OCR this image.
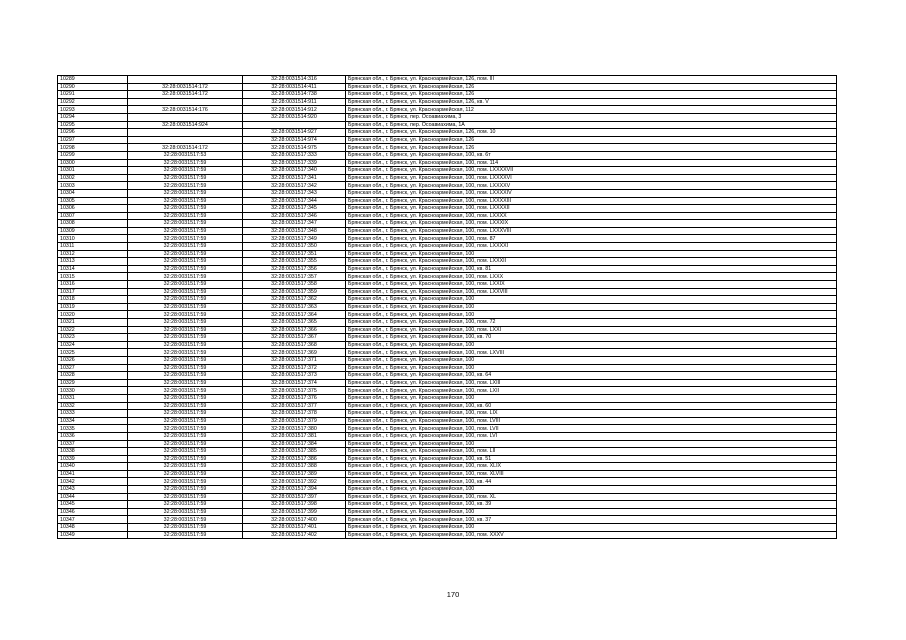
10289		32:28:0031514:316	Брянская обл., г. Брянск, ул. Красноармейская, 126, пом. III
10290	32:28:0031514:172	32:28:0031514:411	Брянская обл., г. Брянск, ул. Красноармейская, 126
10291	32:28:0031514:172	32:28:0031514:738	Брянская обл., г. Брянск, ул. Красноармейская, 126
10292		32:28:0031514:911	Брянская обл., г. Брянск, ул. Красноармейская, 126, кв. V
10293	32:28:0031514:176	32:28:0031514:912	Брянская обл., г. Брянск, ул. Красноармейская, 112
10294		32:28:0031514:920	Брянская обл., г. Брянск, пер. Осоавиахима, 3
10295	32:28:0031514:924		Брянская обл., г. Брянск, пер. Осоавиахима, 1А
10296		32:28:0031514:927	Брянская обл., г. Брянск, ул. Красноармейская, 126, пом. 10
10297		32:28:0031514:974	Брянская обл., г. Брянск, ул. Красноармейская, 126
10298	32:28:0031514:172	32:28:0031514:975	Брянская обл., г. Брянск, ул. Красноармейская, 126
10299	32:28:0031517:53	32:28:0031517:333	Брянская обл., г. Брянск, ул. Красноармейская, 100, кв. 6т
10300	32:28:0031517:59	32:28:0031517:339	Брянская обл., г. Брянск, ул. Красноармейская, 100, пом. 114
10301	32:28:0031517:59	32:28:0031517:340	Брянская обл., г. Брянск, ул. Красноармейская, 100, пом. LXXXXVII
10302	32:28:0031517:59	32:28:0031517:341	Брянская обл., г. Брянск, ул. Красноармейская, 100, пом. LXXXXVI
10303	32:28:0031517:59	32:28:0031517:342	Брянская обл., г. Брянск, ул. Красноармейская, 100, пом. LXXXXV
10304	32:28:0031517:59	32:28:0031517:343	Брянская обл., г. Брянск, ул. Красноармейская, 100, пом. LXXXXIV
10305	32:28:0031517:59	32:28:0031517:344	Брянская обл., г. Брянск, ул. Красноармейская, 100, пом. LXXXXIII
10306	32:28:0031517:59	32:28:0031517:345	Брянская обл., г. Брянск, ул. Красноармейская, 100, пом. LXXXXII
10307	32:28:0031517:59	32:28:0031517:346	Брянская обл., г. Брянск, ул. Красноармейская, 100, пом. LXXXX
10308	32:28:0031517:59	32:28:0031517:347	Брянская обл., г. Брянск, ул. Красноармейская, 100, пом. LXXXIX
10309	32:28:0031517:59	32:28:0031517:348	Брянская обл., г. Брянск, ул. Красноармейская, 100, пом. LXXXVIII
10310	32:28:0031517:59	32:28:0031517:349	Брянская обл., г. Брянск, ул. Красноармейская, 100, пом. 87
10311	32:28:0031517:59	32:28:0031517:350	Брянская обл., г. Брянск, ул. Красноармейская, 100, пом. LXXXXI
10312	32:28:0031517:59	32:28:0031517:351	Брянская обл., г. Брянск, ул. Красноармейская, 100
10313	32:28:0031517:59	32:28:0031517:355	Брянская обл., г. Брянск, ул. Красноармейская, 100, пом. LXXXII
10314	32:28:0031517:59	32:28:0031517:356	Брянская обл., г. Брянск, ул. Красноармейская, 100, кв. 81
10315	32:28:0031517:59	32:28:0031517:357	Брянская обл., г. Брянск, ул. Красноармейская, 100, пом. LXXX
10316	32:28:0031517:59	32:28:0031517:358	Брянская обл., г. Брянск, ул. Красноармейская, 100, пом. LXXIX
10317	32:28:0031517:59	32:28:0031517:359	Брянская обл., г. Брянск, ул. Красноармейская, 100, пом. LXXVIII
10318	32:28:0031517:59	32:28:0031517:362	Брянская обл., г. Брянск, ул. Красноармейская, 100
10319	32:28:0031517:59	32:28:0031517:363	Брянская обл., г. Брянск, ул. Красноармейская, 100
10320	32:28:0031517:59	32:28:0031517:364	Брянская обл., г. Брянск, ул. Красноармейская, 100
10321	32:28:0031517:59	32:28:0031517:365	Брянская обл., г. Брянск, ул. Красноармейская, 100, пом. 72
10322	32:28:0031517:59	32:28:0031517:366	Брянская обл., г. Брянск, ул. Красноармейская, 100, пом. LXXI
10323	32:28:0031517:59	32:28:0031517:367	Брянская обл., г. Брянск, ул. Красноармейская, 100, кв. 70
10324	32:28:0031517:59	32:28:0031517:368	Брянская обл., г. Брянск, ул. Красноармейская, 100
10325	32:28:0031517:59	32:28:0031517:369	Брянская обл., г. Брянск, ул. Красноармейская, 100, пом. LXVIII
10326	32:28:0031517:59	32:28:0031517:371	Брянская обл., г. Брянск, ул. Красноармейская, 100
10327	32:28:0031517:59	32:28:0031517:372	Брянская обл., г. Брянск, ул. Красноармейская, 100
10328	32:28:0031517:59	32:28:0031517:373	Брянская обл., г. Брянск, ул. Красноармейская, 100, кв. 64
10329	32:28:0031517:59	32:28:0031517:374	Брянская обл., г. Брянск, ул. Красноармейская, 100, пом. LXIII
10330	32:28:0031517:59	32:28:0031517:375	Брянская обл., г. Брянск, ул. Красноармейская, 100, пом. LXII
10331	32:28:0031517:59	32:28:0031517:376	Брянская обл., г. Брянск, ул. Красноармейская, 100
10332	32:28:0031517:59	32:28:0031517:377	Брянская обл., г. Брянск, ул. Красноармейская, 100, кв. 60
10333	32:28:0031517:59	32:28:0031517:378	Брянская обл., г. Брянск, ул. Красноармейская, 100, пом. LIX
10334	32:28:0031517:59	32:28:0031517:379	Брянская обл., г. Брянск, ул. Красноармейская, 100, пом. LVIII
10335	32:28:0031517:59	32:28:0031517:380	Брянская обл., г. Брянск, ул. Красноармейская, 100, пом. LVII
10336	32:28:0031517:59	32:28:0031517:381	Брянская обл., г. Брянск, ул. Красноармейская, 100, пом. LVI
10337	32:28:0031517:59	32:28:0031517:384	Брянская обл., г. Брянск, ул. Красноармейская, 100
10338	32:28:0031517:59	32:28:0031517:385	Брянская обл., г. Брянск, ул. Красноармейская, 100, пом. LII
10339	32:28:0031517:59	32:28:0031517:386	Брянская обл., г. Брянск, ул. Красноармейская, 100, кв. 51
10340	32:28:0031517:59	32:28:0031517:388	Брянская обл., г. Брянск, ул. Красноармейская, 100, пом. XLIX
10341	32:28:0031517:59	32:28:0031517:389	Брянская обл., г. Брянск, ул. Красноармейская, 100, пом. XLVIII
10342	32:28:0031517:59	32:28:0031517:392	Брянская обл., г. Брянск, ул. Красноармейская, 100, кв. 44
10343	32:28:0031517:59	32:28:0031517:394	Брянская обл., г. Брянск, ул. Красноармейская, 100
10344	32:28:0031517:59	32:28:0031517:397	Брянская обл., г. Брянск, ул. Красноармейская, 100, пом. XL
10345	32:28:0031517:59	32:28:0031517:398	Брянская обл., г. Брянск, ул. Красноармейская, 100, кв. 39
10346	32:28:0031517:59	32:28:0031517:399	Брянская обл., г. Брянск, ул. Красноармейская, 100
10347	32:28:0031517:59	32:28:0031517:400	Брянская обл., г. Брянск, ул. Красноармейская, 100, кв. 37
10348	32:28:0031517:59	32:28:0031517:401	Брянская обл., г. Брянск, ул. Красноармейская, 100
10349	32:28:0031517:59	32:28:0031517:402	Брянская обл., г. Брянск, ул. Красноармейская, 100, пом. XXXV
170
